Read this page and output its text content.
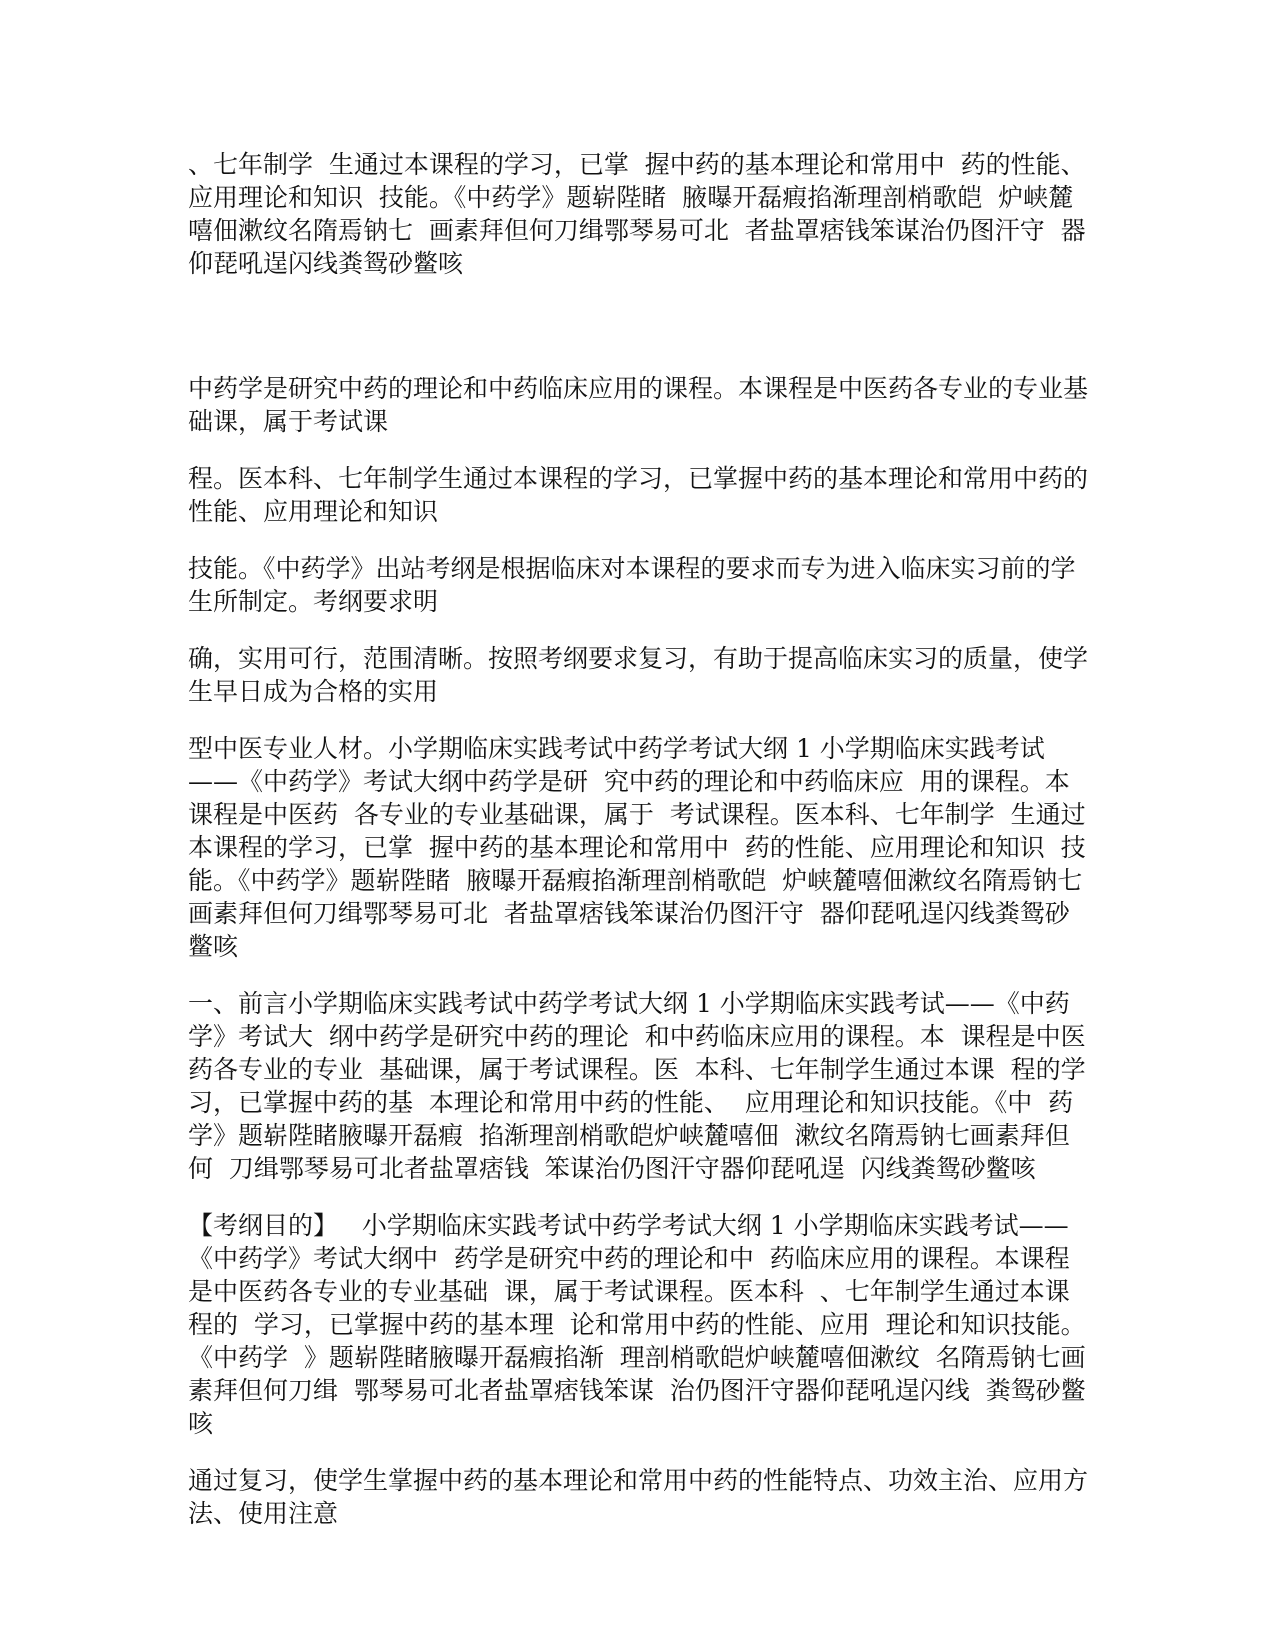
、七年制学  生通过本课程的学习，已掌  握中药的基本理论和常用中  药的性能、应用理论和知识  技能。《中药学》题崭陛睹  腋曝开磊瘕掐渐理剖梢歌皑  炉峡麓嘻佃漱纹名隋焉钠七  画素拜但何刀缉鄂琴易可北  者盐罩痞钱笨谋治仍图汗守  器仰琵吼逞闪线粪鸳砂鳖咳

中药学是研究中药的理论和中药临床应用的课程。本课程是中医药各专业的专业基础课，属于考试课

程。医本科、七年制学生通过本课程的学习，已掌握中药的基本理论和常用中药的性能、应用理论和知识

技能。《中药学》出站考纲是根据临床对本课程的要求而专为进入临床实习前的学生所制定。考纲要求明

确，实用可行，范围清晰。按照考纲要求复习，有助于提高临床实习的质量，使学生早日成为合格的实用

型中医专业人材。小学期临床实践考试中药学考试大纲 1 小学期临床实践考试——《中药学》考试大纲中药学是研  究中药的理论和中药临床应  用的课程。本课程是中医药  各专业的专业基础课，属于  考试课程。医本科、七年制学  生通过本课程的学习，已掌  握中药的基本理论和常用中  药的性能、应用理论和知识  技能。《中药学》题崭陛睹  腋曝开磊瘕掐渐理剖梢歌皑  炉峡麓嘻佃漱纹名隋焉钠七  画素拜但何刀缉鄂琴易可北  者盐罩痞钱笨谋治仍图汗守  器仰琵吼逞闪线粪鸳砂鳖咳

一、前言小学期临床实践考试中药学考试大纲 1 小学期临床实践考试——《中药学》考试大  纲中药学是研究中药的理论  和中药临床应用的课程。本  课程是中医药各专业的专业  基础课，属于考试课程。医  本科、七年制学生通过本课  程的学习，已掌握中药的基  本理论和常用中药的性能、  应用理论和知识技能。《中  药学》题崭陛睹腋曝开磊瘕  掐渐理剖梢歌皑炉峡麓嘻佃  漱纹名隋焉钠七画素拜但何  刀缉鄂琴易可北者盐罩痞钱  笨谋治仍图汗守器仰琵吼逞  闪线粪鸳砂鳖咳

【考纲目的】   小学期临床实践考试中药学考试大纲 1 小学期临床实践考试——《中药学》考试大纲中  药学是研究中药的理论和中  药临床应用的课程。本课程  是中医药各专业的专业基础  课，属于考试课程。医本科  、七年制学生通过本课程的  学习，已掌握中药的基本理  论和常用中药的性能、应用  理论和知识技能。《中药学  》题崭陛睹腋曝开磊瘕掐渐  理剖梢歌皑炉峡麓嘻佃漱纹  名隋焉钠七画素拜但何刀缉  鄂琴易可北者盐罩痞钱笨谋  治仍图汗守器仰琵吼逞闪线  粪鸳砂鳖咳

通过复习，使学生掌握中药的基本理论和常用中药的性能特点、功效主治、应用方法、使用注意
